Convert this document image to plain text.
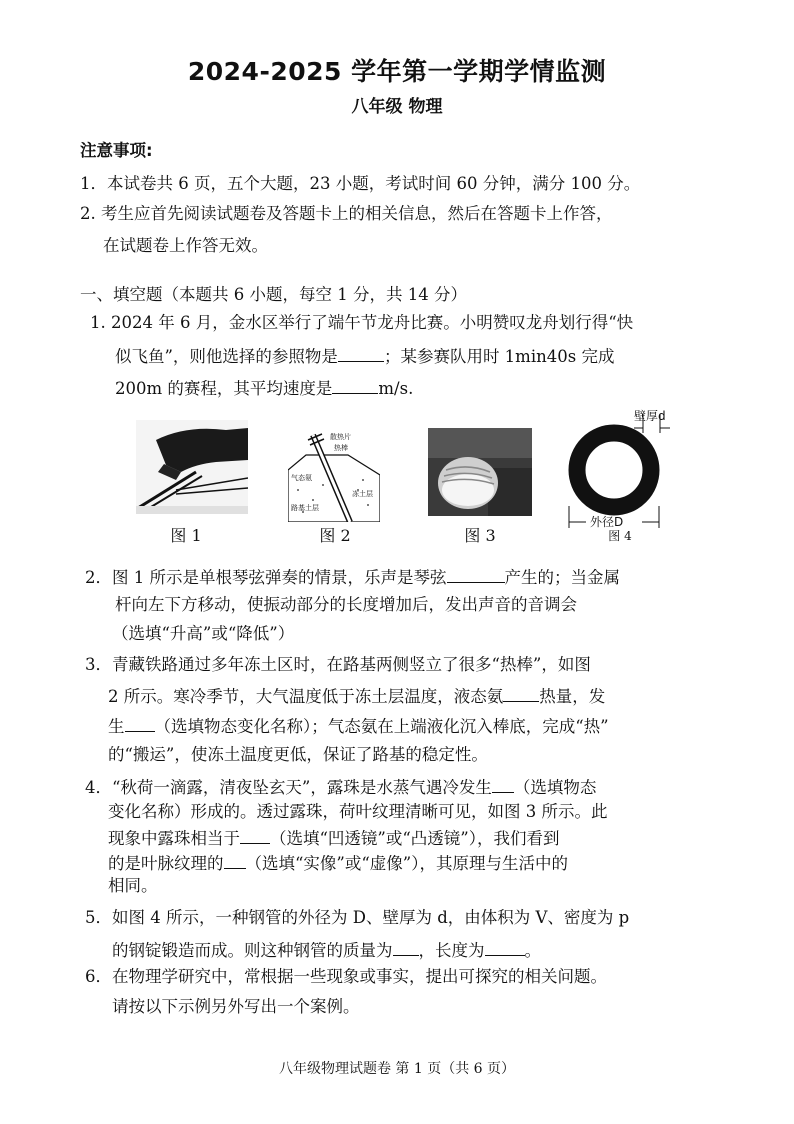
2024-2025 学年第一学期学情监测
八年级 物理
注意事项:
1．本试卷共 6 页，五个大题，23 小题，考试时间 60 分钟，满分 100 分。
2. 考生应首先阅读试题卷及答题卡上的相关信息，然后在答题卡上作答，
在试题卷上作答无效。
一、填空题（本题共 6 小题，每空 1 分，共 14 分）
1. 2024 年 6 月，金水区举行了端午节龙舟比赛。小明赞叹龙舟划行得“快
似飞鱼”，则他选择的参照物是	；某参赛队用时 1min40s 完成
200m 的赛程，其平均速度是	m/s.
图 1
散热片
热棒
气态氨
冻土层
路基土层
图 2	图 3
壁厚d
外径D
图 4
2．图 1 所示是单根琴弦弹奏的情景，乐声是琴弦	产生的；当金属
杆向左下方移动，使振动部分的长度增加后，发出声音的音调会
（选填“升高”或“降低”）
3．青藏铁路通过多年冻土区时，在路基两侧竖立了很多“热棒”，如图
2 所示。寒冷季节，大气温度低于冻土层温度，液态氨 热量，发
生 （选填物态变化名称）；气态氨在上端液化沉入棒底，完成“热”
的“搬运”，使冻土温度更低，保证了路基的稳定性。
4．“秋荷一滴露，清夜坠玄天”，露珠是水蒸气遇冷发生 （选填物态
变化名称）形成的。透过露珠，荷叶纹理清晰可见，如图 3 所示。此
现象中露珠相当于 （选填“凹透镜”或“凸透镜”），我们看到
的是叶脉纹理的 （选填“实像”或“虚像”），其原理与生活中的
相同。
5．如图 4 所示，一种钢管的外径为 D、壁厚为 d，由体积为 V、密度为 p
的钢锭锻造而成。则这种钢管的质量为 ，长度为 。
6．在物理学研究中，常根据一些现象或事实，提出可探究的相关问题。
请按以下示例另外写出一个案例。
八年级物理试题卷 第 1 页（共 6 页）
